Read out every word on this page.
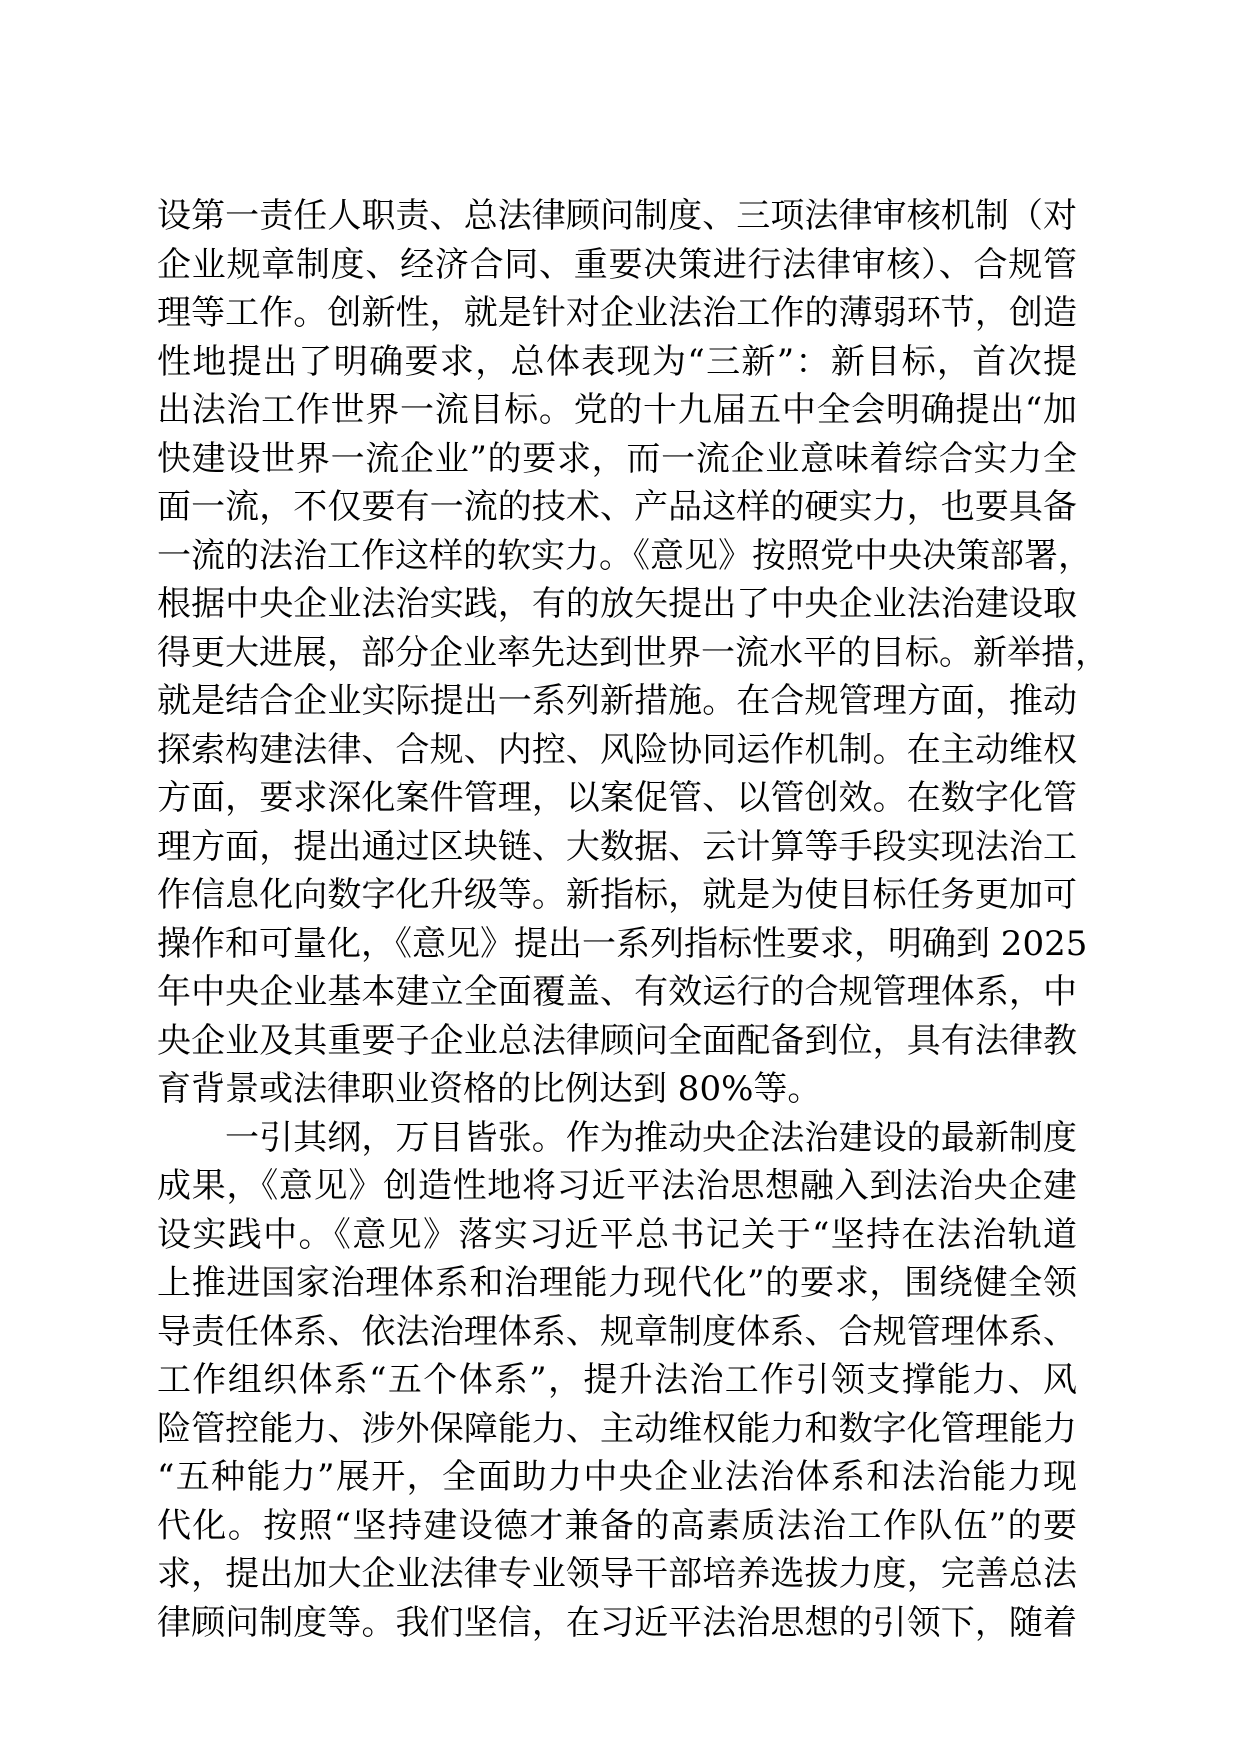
设第一责任人职责、总法律顾问制度、三项法律审核机制（对
企业规章制度、经济合同、重要决策进行法律审核）、合规管
理等工作。创新性，就是针对企业法治工作的薄弱环节，创造
性地提出了明确要求，总体表现为“三新”：新目标，首次提
出法治工作世界一流目标。党的十九届五中全会明确提出“加
快建设世界一流企业”的要求，而一流企业意味着综合实力全
面一流，不仅要有一流的技术、产品这样的硬实力，也要具备
一流的法治工作这样的软实力。《意见》按照党中央决策部署，
根据中央企业法治实践，有的放矢提出了中央企业法治建设取
得更大进展，部分企业率先达到世界一流水平的目标。新举措，
就是结合企业实际提出一系列新措施。在合规管理方面，推动
探索构建法律、合规、内控、风险协同运作机制。在主动维权
方面，要求深化案件管理，以案促管、以管创效。在数字化管
理方面，提出通过区块链、大数据、云计算等手段实现法治工
作信息化向数字化升级等。新指标，就是为使目标任务更加可
操作和可量化，《意见》提出一系列指标性要求，明确到 2025
年中央企业基本建立全面覆盖、有效运行的合规管理体系，中
央企业及其重要子企业总法律顾问全面配备到位，具有法律教
育背景或法律职业资格的比例达到 80%等。
一引其纲，万目皆张。作为推动央企法治建设的最新制度
成果，《意见》创造性地将习近平法治思想融入到法治央企建
设实践中。《意见》落实习近平总书记关于“坚持在法治轨道
上推进国家治理体系和治理能力现代化”的要求，围绕健全领
导责任体系、依法治理体系、规章制度体系、合规管理体系、
工作组织体系“五个体系”，提升法治工作引领支撑能力、风
险管控能力、涉外保障能力、主动维权能力和数字化管理能力
“五种能力”展开，全面助力中央企业法治体系和法治能力现
代化。按照“坚持建设德才兼备的高素质法治工作队伍”的要
求，提出加大企业法律专业领导干部培养选拔力度，完善总法
律顾问制度等。我们坚信，在习近平法治思想的引领下，随着
